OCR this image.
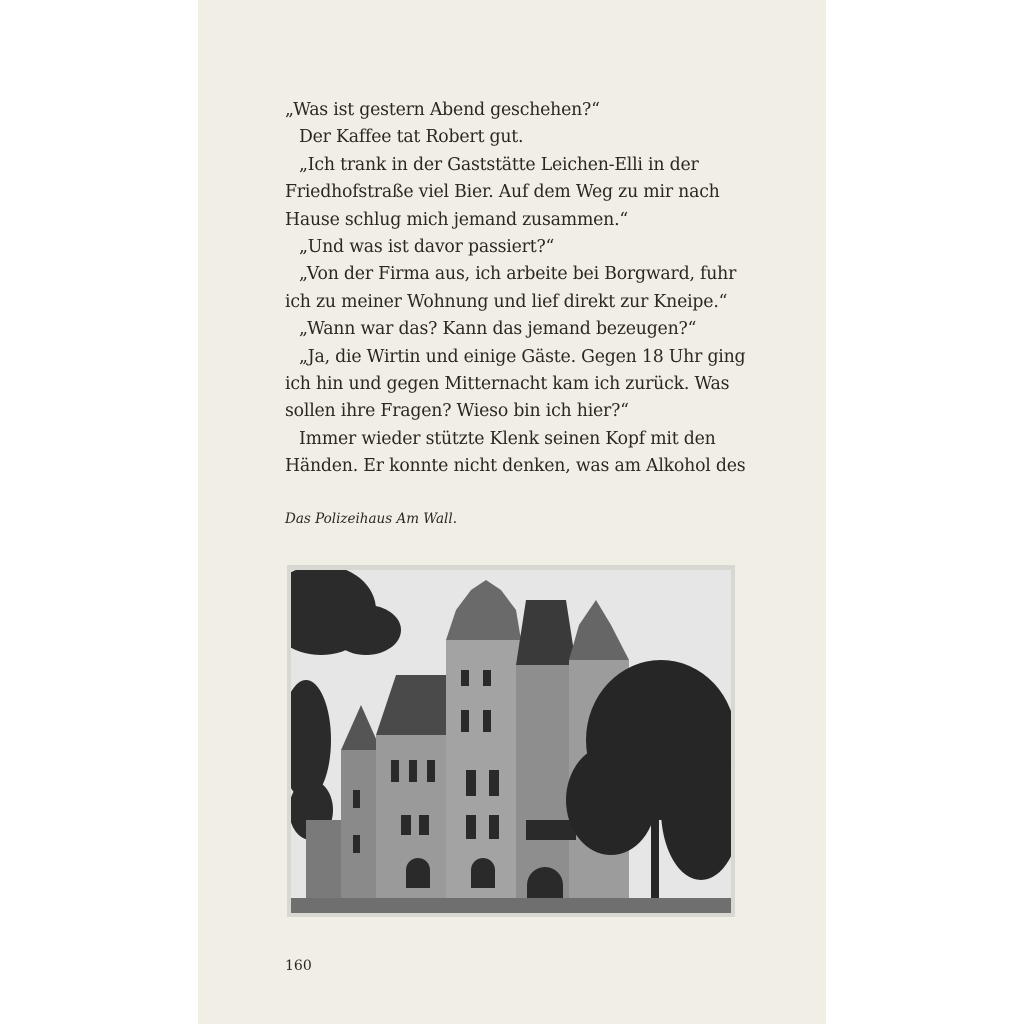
„Was ist gestern Abend geschehen?“
Der Kaffee tat Robert gut.
„Ich trank in der Gaststätte Leichen-Elli in der
Friedhofstraße viel Bier. Auf dem Weg zu mir nach
Hause schlug mich jemand zusammen.“
„Und was ist davor passiert?“
„Von der Firma aus, ich arbeite bei Borgward, fuhr
ich zu meiner Wohnung und lief direkt zur Kneipe.“
„Wann war das? Kann das jemand bezeugen?“
„Ja, die Wirtin und einige Gäste. Gegen 18 Uhr ging
ich hin und gegen Mitternacht kam ich zurück. Was
sollen ihre Fragen? Wieso bin ich hier?“
Immer wieder stützte Klenk seinen Kopf mit den
Händen. Er konnte nicht denken, was am Alkohol des
Das Polizeihaus Am Wall.
160
